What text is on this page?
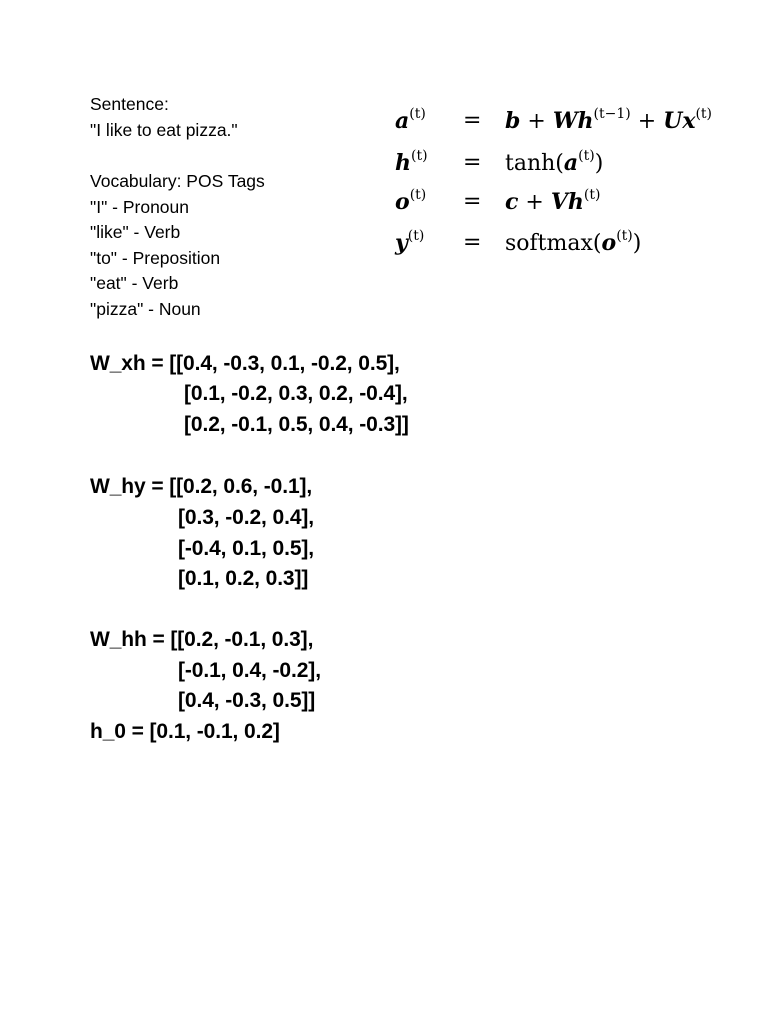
Sentence:
"I like to eat pizza."
Vocabulary: POS Tags
"I" - Pronoun
"like" - Verb
"to" - Preposition
"eat" - Verb
"pizza" - Noun
$a^{(t)} = b + Wh^{(t-1)} + Ux^{(t)}$
$h^{(t)} = \tanh(a^{(t)})$
$o^{(t)} = c + Vh^{(t)}$
$y^{(t)}$ = $softmax(o^{(t)})$
W_xh = [[0.4, -0.3, 0.1, -0.2, 0.5],
[0.1, -0.2, 0.3, 0.2, -0.4],
[0.2, -0.1, 0.5, 0.4, -0.3]]
W_hy = [[0.2, 0.6, -0.1],
[0.3, -0.2, 0.4],
[-0.4, 0.1, 0.5],
[0.1, 0.2, 0.3]]
W_hh = [[0.2, -0.1, 0.3],
[-0.1, 0.4, -0.2],
[0.4, -0.3, 0.5]]
h_0 = [0.1, -0.1, 0.2]
